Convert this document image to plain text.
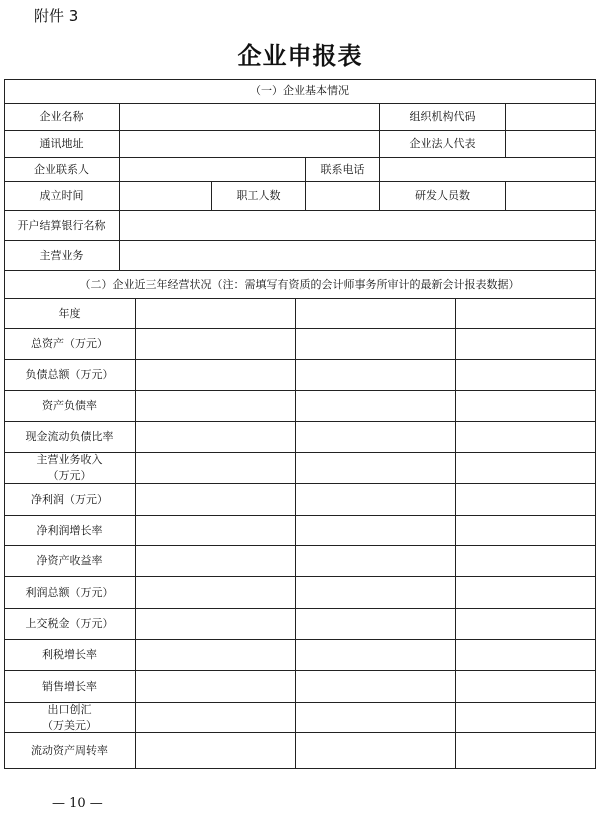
附件 3
企业申报表
（一）企业基本情况
企业名称	组织机构代码
通讯地址	企业法人代表
企业联系人	联系电话
成立时间	职工人数	研发人员数
开户结算银行名称
主营业务
（二）企业近三年经营状况（注：需填写有资质的会计师事务所审计的最新会计报表数据）
年度
总资产（万元）
负债总额（万元）
资产负债率
现金流动负债比率
主营业务收入
（万元）
净利润（万元）
净利润增长率
净资产收益率
利润总额（万元）
上交税金（万元）
利税增长率
销售增长率
出口创汇
（万美元）
流动资产周转率
— 10 —
